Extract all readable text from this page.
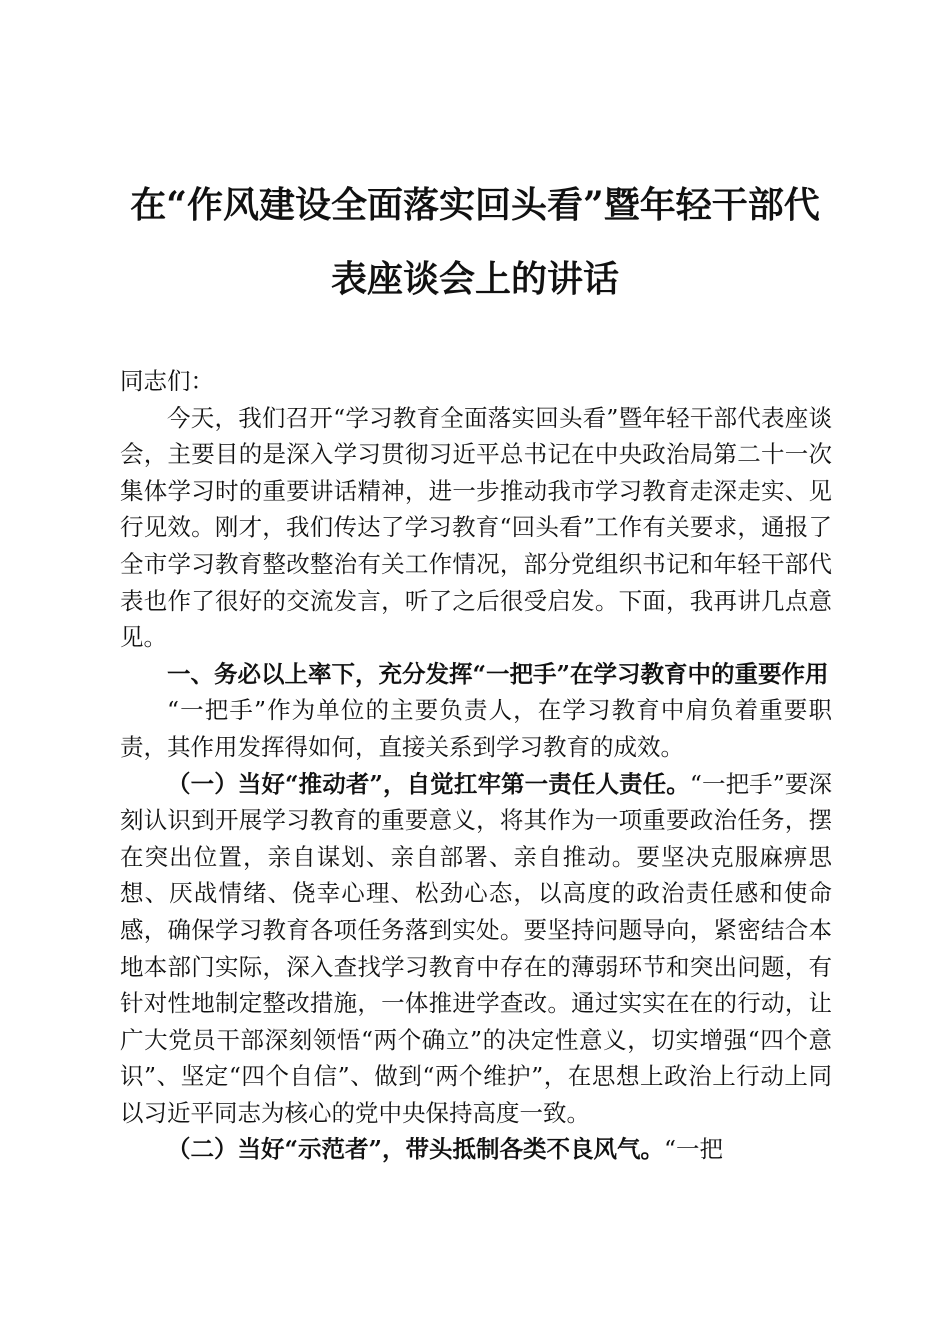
在“作风建设全面落实回头看”暨年轻干部代
表座谈会上的讲话

同志们：

今天，我们召开“学习教育全面落实回头看”暨年轻干部代表座谈会，主要目的是深入学习贯彻习近平总书记在中央政治局第二十一次集体学习时的重要讲话精神，进一步推动我市学习教育走深走实、见行见效。刚才，我们传达了学习教育“回头看”工作有关要求，通报了全市学习教育整改整治有关工作情况，部分党组织书记和年轻干部代表也作了很好的交流发言，听了之后很受启发。下面，我再讲几点意见。

一、务必以上率下，充分发挥“一把手”在学习教育中的重要作用

“一把手”作为单位的主要负责人，在学习教育中肩负着重要职责，其作用发挥得如何，直接关系到学习教育的成效。

（一）当好“推动者”，自觉扛牢第一责任人责任。“一把手”要深刻认识到开展学习教育的重要意义，将其作为一项重要政治任务，摆在突出位置，亲自谋划、亲自部署、亲自推动。要坚决克服麻痹思想、厌战情绪、侥幸心理、松劲心态，以高度的政治责任感和使命感，确保学习教育各项任务落到实处。要坚持问题导向，紧密结合本地本部门实际，深入查找学习教育中存在的薄弱环节和突出问题，有针对性地制定整改措施，一体推进学查改。通过实实在在的行动，让广大党员干部深刻领悟“两个确立”的决定性意义，切实增强“四个意识”、坚定“四个自信”、做到“两个维护”，在思想上政治上行动上同以习近平同志为核心的党中央保持高度一致。

（二）当好“示范者”，带头抵制各类不良风气。“一把
